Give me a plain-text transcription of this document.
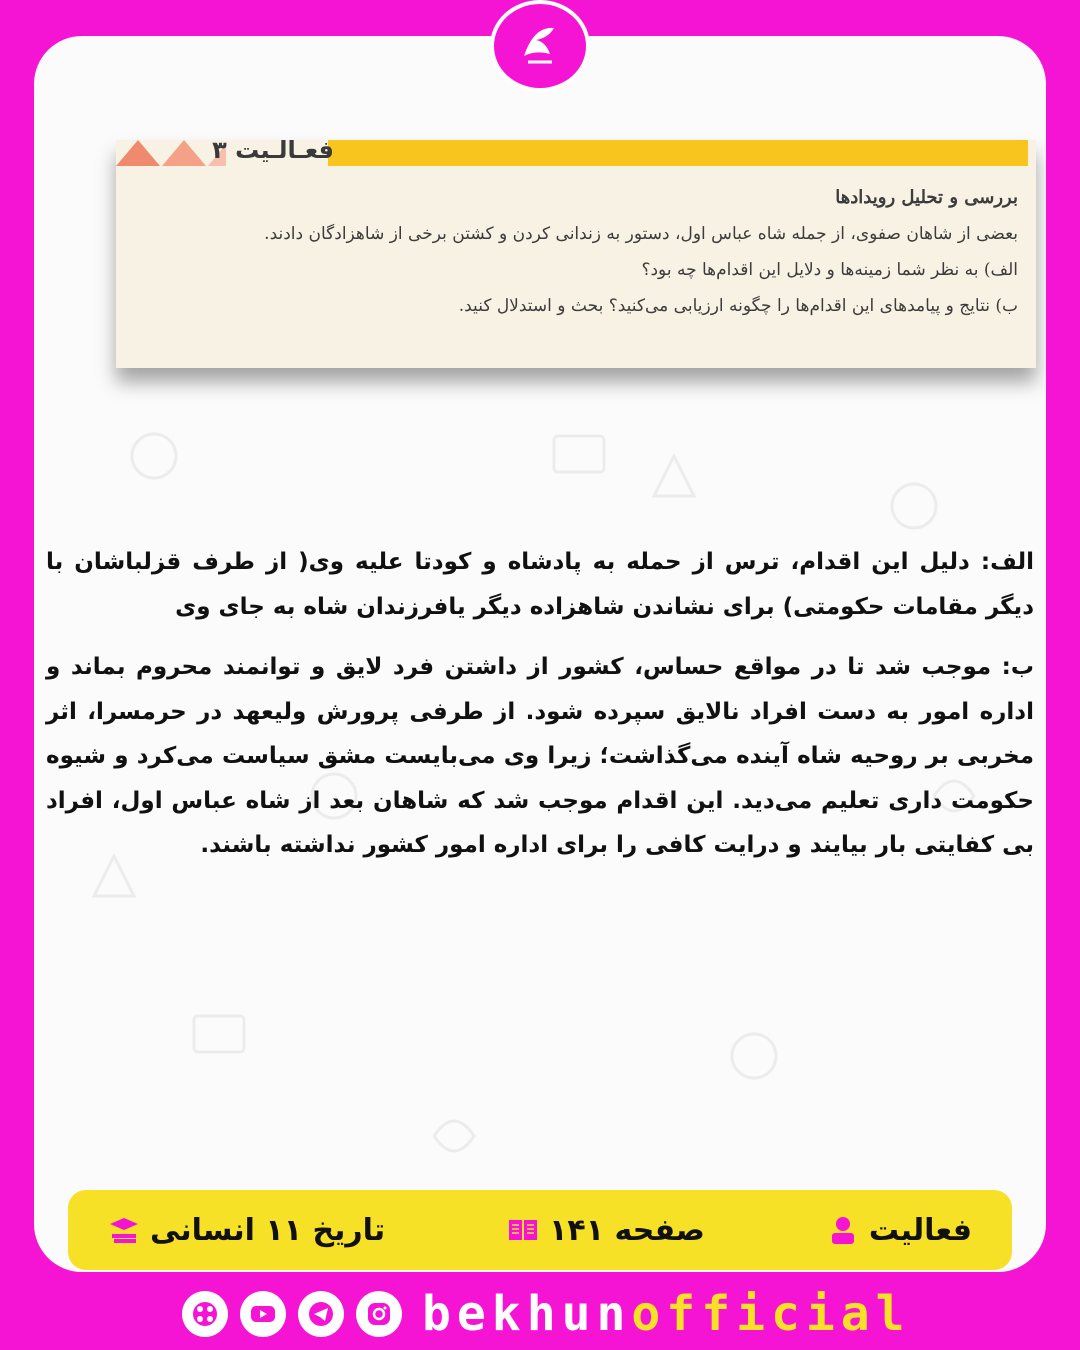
فعـالـیت ۳
بررسی و تحلیل رویدادها
بعضی از شاهان صفوی، از جمله شاه عباس اول، دستور به زندانی کردن و کشتن برخی از شاهزادگان دادند.
الف) به نظر شما زمینه‌ها و دلایل این اقدام‌ها چه بود؟
ب) نتایج و پیامدهای این اقدام‌ها را چگونه ارزیابی می‌کنید؟ بحث و استدلال کنید.

الف: دلیل این اقدام، ترس از حمله به پادشاه و کودتا علیه وی( از طرف قزلباشان با دیگر مقامات حکومتی) برای نشاندن شاهزاده دیگر یافرزندان شاه به جای وی

ب: موجب شد تا در مواقع حساس، کشور از داشتن فرد لایق و توانمند محروم بماند و اداره امور به دست افراد نالایق سپرده شود. از طرفی پرورش ولیعهد در حرمسرا، اثر مخربی بر روحیه شاه آینده می‌گذاشت؛ زیرا وی می‌بایست مشق سیاست می‌کرد و شیوه حکومت داری تعلیم می‌دید. این اقدام موجب شد که شاهان بعد از شاه عباس اول، افراد بی کفایتی بار بیایند و درایت کافی را برای اداره امور کشور نداشته باشند.

فعالیت
صفحه ۱۴۱
تاریخ ۱۱ انسانی
bekhunofficial
